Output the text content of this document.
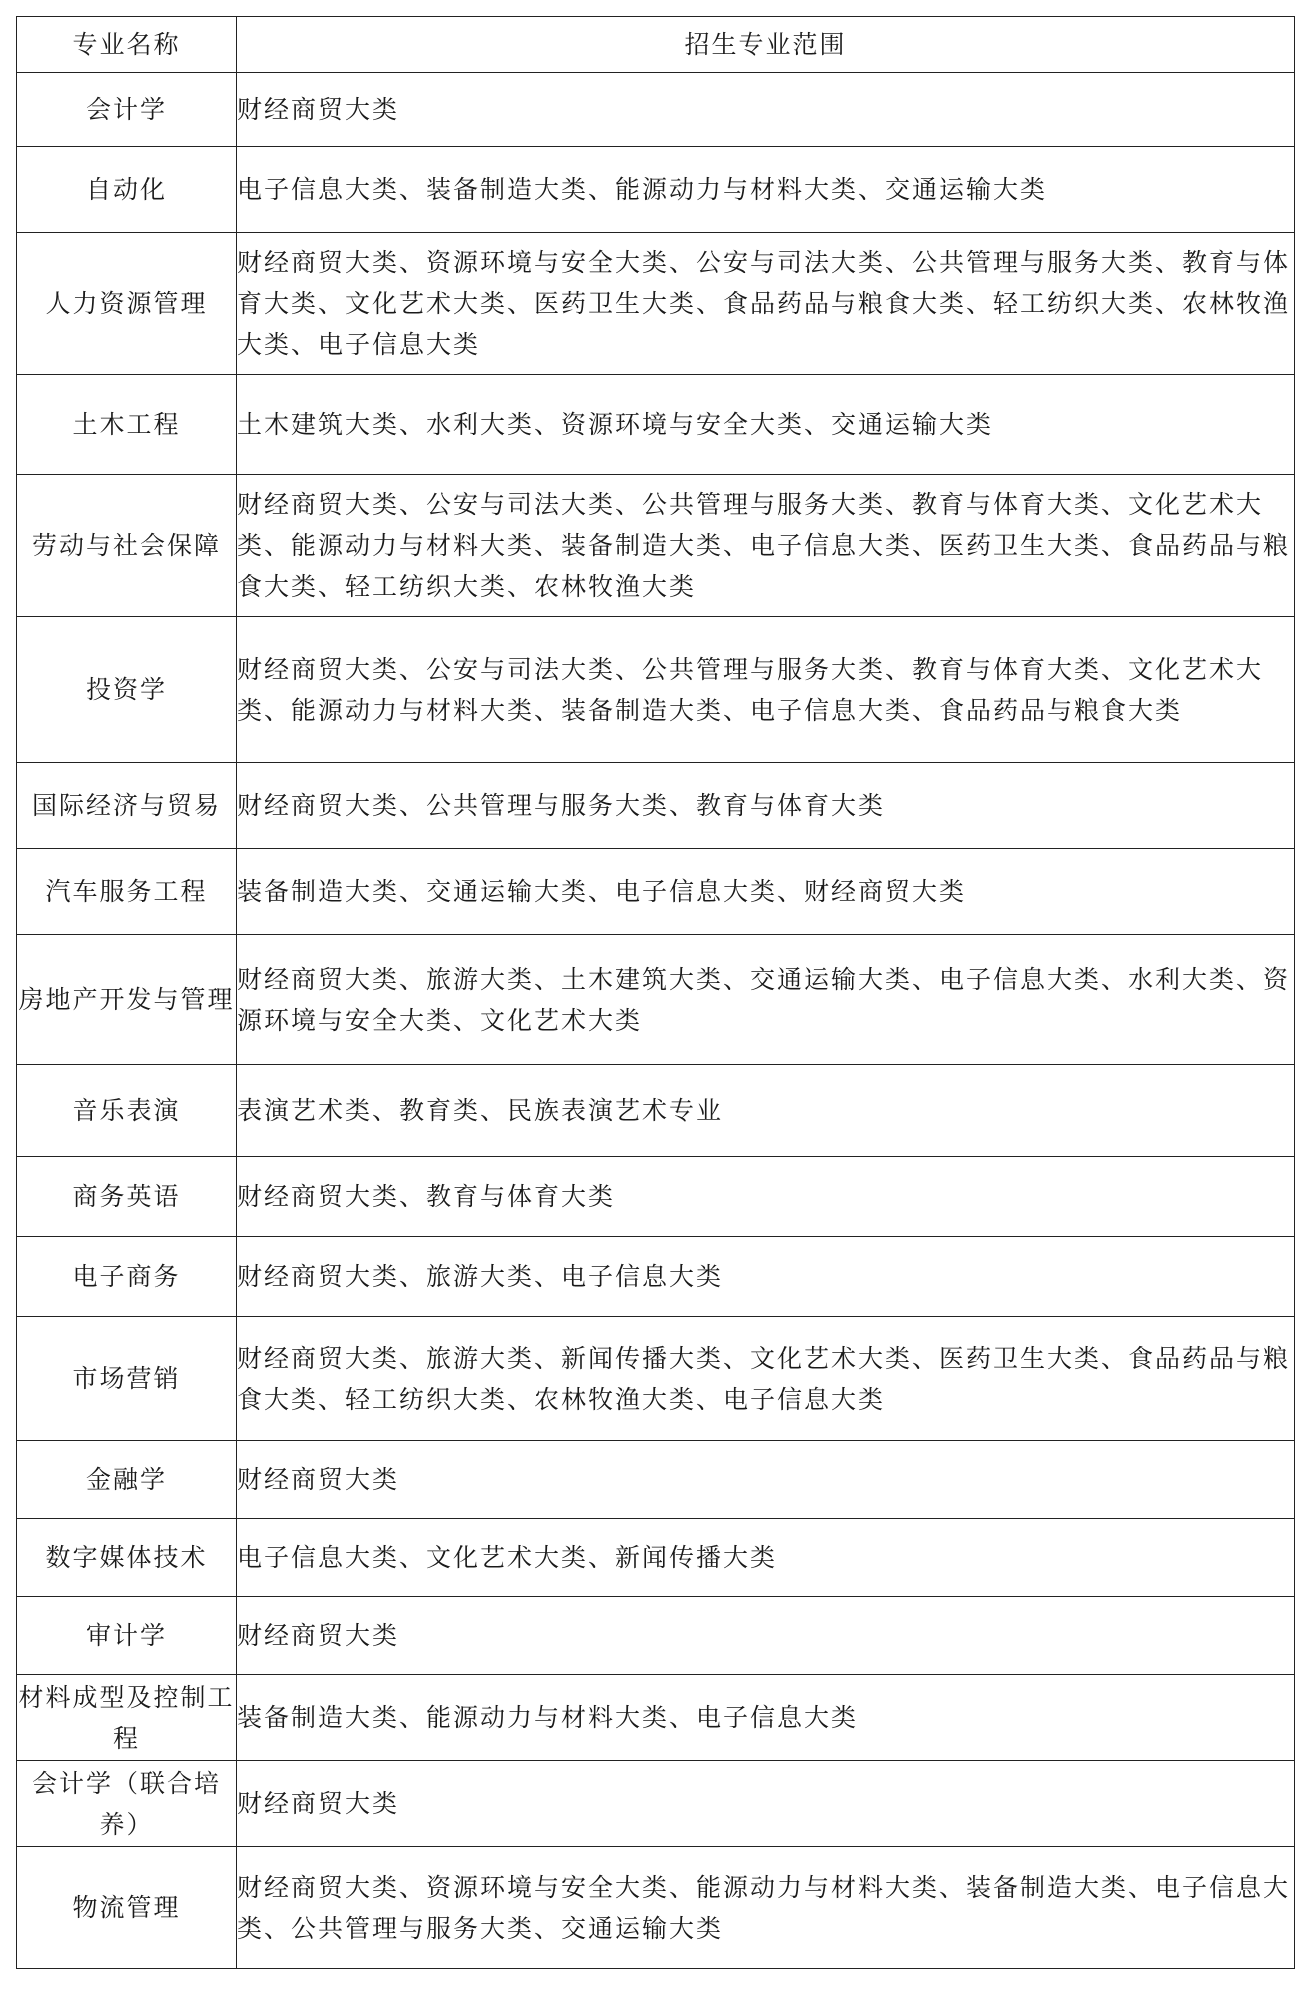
专业名称	招生专业范围
会计学	财经商贸大类
自动化	电子信息大类、装备制造大类、能源动力与材料大类、交通运输大类
人力资源管理	财经商贸大类、资源环境与安全大类、公安与司法大类、公共管理与服务大类、教育与体育大类、文化艺术大类、医药卫生大类、食品药品与粮食大类、轻工纺织大类、农林牧渔大类、电子信息大类
土木工程	土木建筑大类、水利大类、资源环境与安全大类、交通运输大类
劳动与社会保障	财经商贸大类、公安与司法大类、公共管理与服务大类、教育与体育大类、文化艺术大类、能源动力与材料大类、装备制造大类、电子信息大类、医药卫生大类、食品药品与粮食大类、轻工纺织大类、农林牧渔大类
投资学	财经商贸大类、公安与司法大类、公共管理与服务大类、教育与体育大类、文化艺术大类、能源动力与材料大类、装备制造大类、电子信息大类、食品药品与粮食大类
国际经济与贸易	财经商贸大类、公共管理与服务大类、教育与体育大类
汽车服务工程	装备制造大类、交通运输大类、电子信息大类、财经商贸大类
房地产开发与管理	财经商贸大类、旅游大类、土木建筑大类、交通运输大类、电子信息大类、水利大类、资源环境与安全大类、文化艺术大类
音乐表演	表演艺术类、教育类、民族表演艺术专业
商务英语	财经商贸大类、教育与体育大类
电子商务	财经商贸大类、旅游大类、电子信息大类
市场营销	财经商贸大类、旅游大类、新闻传播大类、文化艺术大类、医药卫生大类、食品药品与粮食大类、轻工纺织大类、农林牧渔大类、电子信息大类
金融学	财经商贸大类
数字媒体技术	电子信息大类、文化艺术大类、新闻传播大类
审计学	财经商贸大类
材料成型及控制工程	装备制造大类、能源动力与材料大类、电子信息大类
会计学（联合培养）	财经商贸大类
物流管理	财经商贸大类、资源环境与安全大类、能源动力与材料大类、装备制造大类、电子信息大类、公共管理与服务大类、交通运输大类
